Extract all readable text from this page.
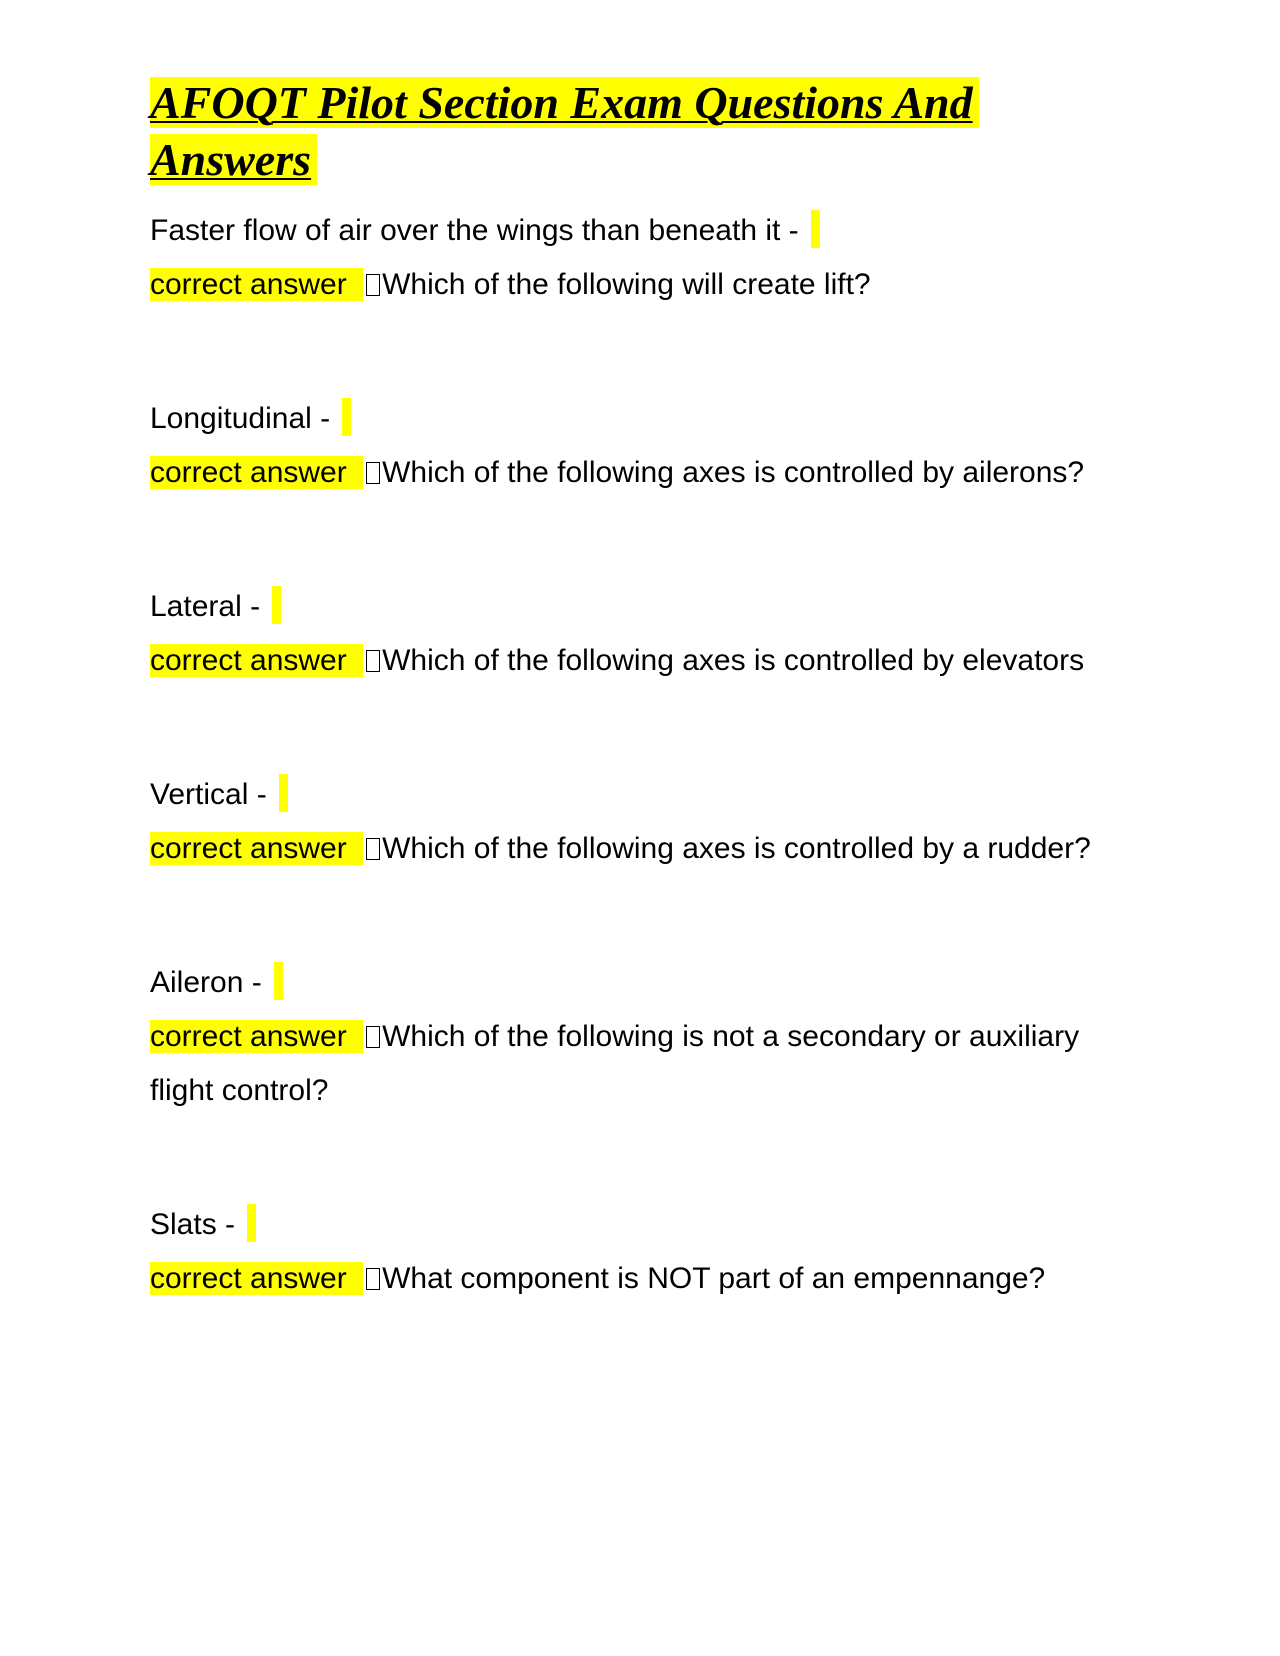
AFOQT Pilot Section Exam Questions And
Answers

Faster flow of air over the wings than beneath it -

correct answer Which of the following will create lift?

Longitudinal -

correct answer Which of the following axes is controlled by ailerons?

Lateral -

correct answer Which of the following axes is controlled by elevators

Vertical -

correct answer Which of the following axes is controlled by a rudder?

Aileron -

correct answer Which of the following is not a secondary or auxiliary flight control?

Slats -

correct answer What component is NOT part of an empennange?
